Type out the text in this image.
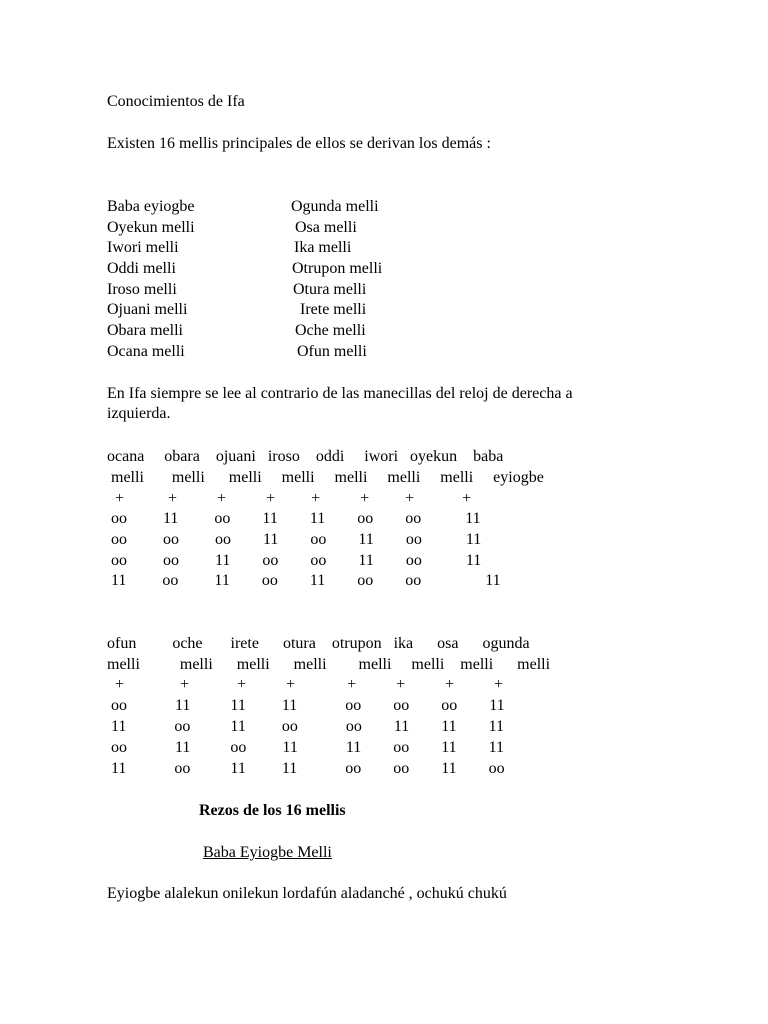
Conocimientos de Ifa
Existen 16 mellis principales de ellos se derivan los demás :
Baba eyiogbe
Oyekun melli
Iwori melli
Oddi melli
Iroso melli
Ojuani melli
Obara melli
Ocana melli
Ogunda melli
Osa melli
Ika melli
Otrupon melli
Otura melli
Irete melli
Oche melli
Ofun melli
En Ifa siempre se lee al contrario de las manecillas del reloj de derecha a
izquierda.
ocana     obara    ojuani   iroso    oddi     iwori   oyekun    baba
melli       melli      melli     melli     melli     melli     melli     eyiogbe
+           +          +          +         +          +         +            +
oo         11         oo        11        11        oo        oo           11
oo         oo         oo        11        oo        11        oo           11
oo         oo         11        oo        oo        11        oo           11
11         oo         11        oo        11        oo        oo                11
ofun         oche       irete      otura    otrupon   ika      osa      ogunda
melli          melli      melli      melli        melli     melli    melli      melli
+              +            +          +             +          +          +          +
oo            11          11         11            oo        oo        oo        11
11            oo          11         oo            oo        11        11        11
oo            11          oo         11            11        oo        11        11
11            oo          11         11            oo        oo        11        oo
Rezos de los 16 mellis
Baba Eyiogbe Melli
Eyiogbe alalekun onilekun lordafún aladanché , ochukú chukú
